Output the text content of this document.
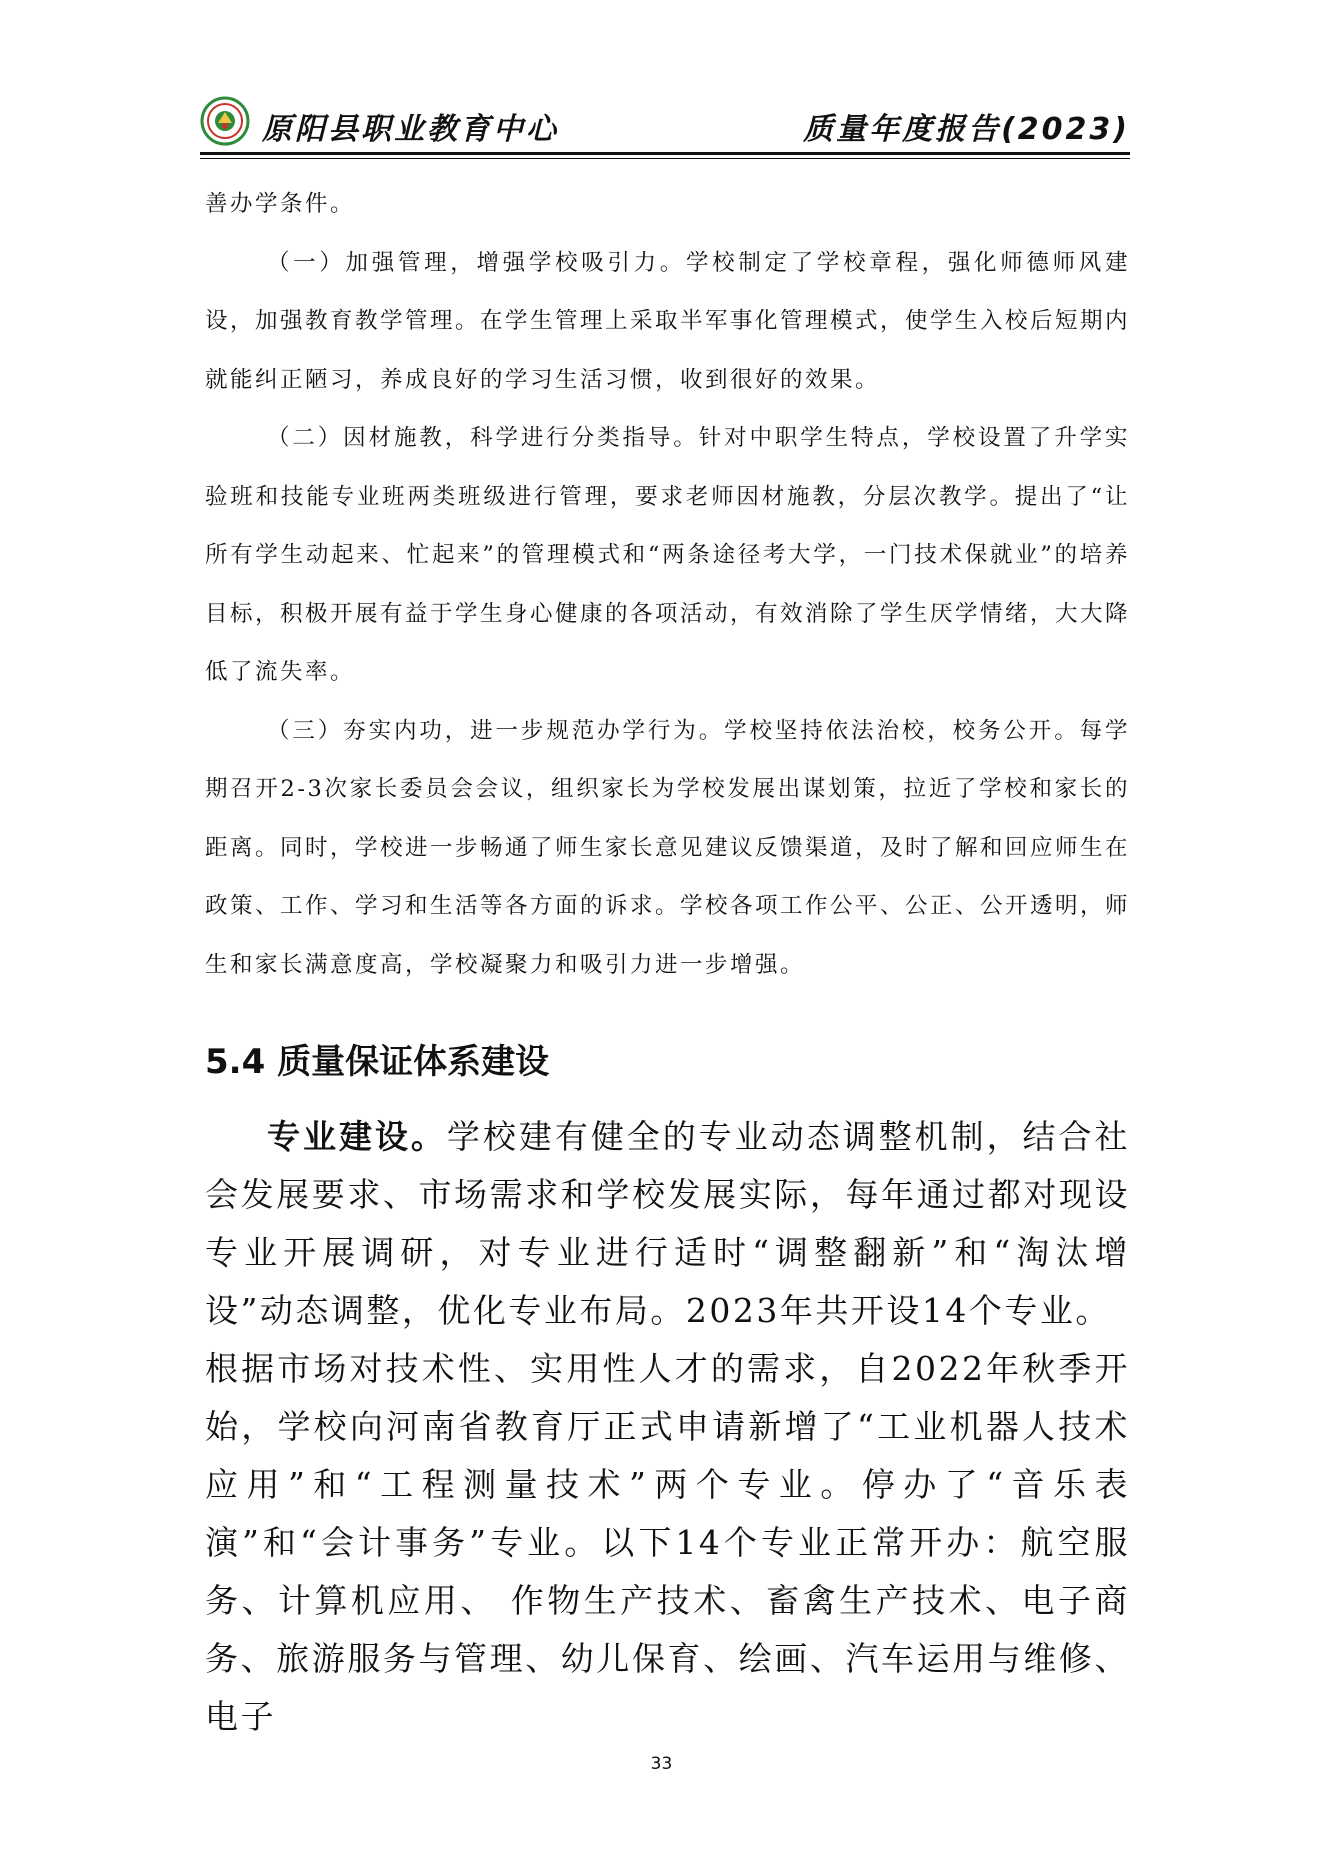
原阳县职业教育中心	质量年度报告(2023)

善办学条件。

（一）加强管理，增强学校吸引力。学校制定了学校章程，强化师德师风建设，加强教育教学管理。在学生管理上采取半军事化管理模式，使学生入校后短期内就能纠正陋习，养成良好的学习生活习惯，收到很好的效果。

（二）因材施教，科学进行分类指导。针对中职学生特点，学校设置了升学实验班和技能专业班两类班级进行管理，要求老师因材施教，分层次教学。提出了“让所有学生动起来、忙起来”的管理模式和“两条途径考大学，一门技术保就业”的培养目标，积极开展有益于学生身心健康的各项活动，有效消除了学生厌学情绪，大大降低了流失率。

（三）夯实内功，进一步规范办学行为。学校坚持依法治校，校务公开。每学期召开2-3次家长委员会会议，组织家长为学校发展出谋划策，拉近了学校和家长的距离。同时，学校进一步畅通了师生家长意见建议反馈渠道，及时了解和回应师生在政策、工作、学习和生活等各方面的诉求。学校各项工作公平、公正、公开透明，师生和家长满意度高，学校凝聚力和吸引力进一步增强。

5.4 质量保证体系建设

专业建设。学校建有健全的专业动态调整机制，结合社会发展要求、市场需求和学校发展实际，每年通过都对现设专业开展调研，对专业进行适时“调整翻新”和“淘汰增设”动态调整，优化专业布局。2023年共开设14个专业。

根据市场对技术性、实用性人才的需求，自2022年秋季开始，学校向河南省教育厅正式申请新增了“工业机器人技术应用”和“工程测量技术”两个专业。停办了“音乐表演”和“会计事务”专业。以下14个专业正常开办：航空服务、计算机应用、 作物生产技术、畜禽生产技术、电子商务、旅游服务与管理、幼儿保育、绘画、汽车运用与维修、电子

33
